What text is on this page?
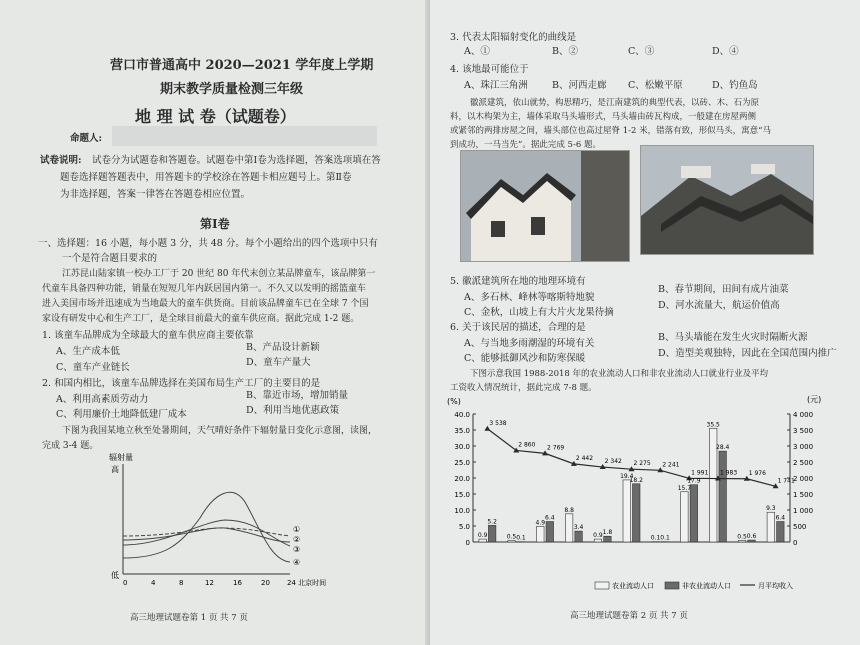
营口市普通高中 2020—2021 学年度上学期
期末教学质量检测三年级
地 理 试 卷（试题卷）
命题人:
试卷说明: 试卷分为试题卷和答题卷。试题卷中第Ⅰ卷为选择题，答案选项填在答
题卷选择题答题表中，用答题卡的学校涂在答题卡相应题号上。第Ⅱ卷
为非选择题，答案一律答在答题卷相应位置。
第Ⅰ卷
一、选择题：16 小题，每小题 3 分，共 48 分。每个小题给出的四个选项中只有
一个是符合题目要求的
江苏昆山陆家镇一校办工厂于 20 世纪 80 年代末创立某品牌童车，该品牌第一
代童车具备四种功能，销量在短短几年内跃居国内第一。不久又以发明的摇篮童车
进入美国市场并迅速成为当地最大的童车供货商。目前该品牌童车已在全球 7 个国
家设有研发中心和生产工厂，是全球目前最大的童车供应商。据此完成 1-2 题。
1. 该童车品牌成为全球最大的童车供应商主要依靠
A、生产成本低	B、产品设计新颖
C、童车产业链长	D、童车产量大
2. 和国内相比，该童车品牌选择在美国布局生产工厂的主要目的是
A、利用高素质劳动力	B、靠近市场，增加销量
C、利用廉价土地降低建厂成本	D、利用当地优惠政策
下图为我国某地立秋至处暑期间，天气晴好条件下辐射量日变化示意图，读图，
完成 3-4 题。
辐射量
高
低
①
②
③
④
0	4	8	12	16	20 24 北京时间
高三地理试题卷第 1 页 共 7 页
3. 代表太阳辐射变化的曲线是
A、①	B、②	C、③	D、④
4. 该地最可能位于
A、珠江三角洲	B、河西走廊 C、松嫩平原	D、钓鱼岛
徽派建筑，依山就势，构思精巧，是江南建筑的典型代表，以砖、木、石为原
料，以木构架为主，墙体采取马头墙形式，马头墙由砖瓦构成，一般建在房屋两侧
或紧邻的两排房屋之间，墙头部位也高过屋脊 1-2 米，错落有致，形似马头，寓意“马
到成功，一马当先”。据此完成 5-6 题。
5. 徽派建筑所在地的地理环境有
A、多石林、峰林等喀斯特地貌
B、春节期间，田间有成片油菜
C、金秋，山坡上有大片火龙果待摘
D、河水流量大，航运价值高
6. 关于该民居的描述，合理的是
A、与当地多雨潮湿的环境有关
B、马头墙能在发生火灾时隔断火源
C、能够抵御风沙和防寒保暖	D、造型美观独特，因此在全国范围内推广
下图示意我国 1988-2018 年的农业流动人口和非农业流动人口就业行业及平均
工资收入情况统计，据此完成 7-8 题。
(%)	(元)
0
5.0
10.0
15.0
20.0
25.0
30.0
35.0
40.0
0
500
1 000
1 500
2 000
2 500
3 000
3 500
4 000
0.9
5.2
0.5 0.1
4.9
6.4
8.8
3.4
0.9 1.8
19.4
18.2
0.1 0.1
15.7
17.9
35.5
28.4
0.5 0.6
9.3
6.4
3 538
2 860 2 769
2 442 2 342 2 275 2 241
1 991 1 983 1 976
1 741
农业流动人口	非农业流动人口	月平均收入
高三地理试题卷第 2 页 共 7 页
